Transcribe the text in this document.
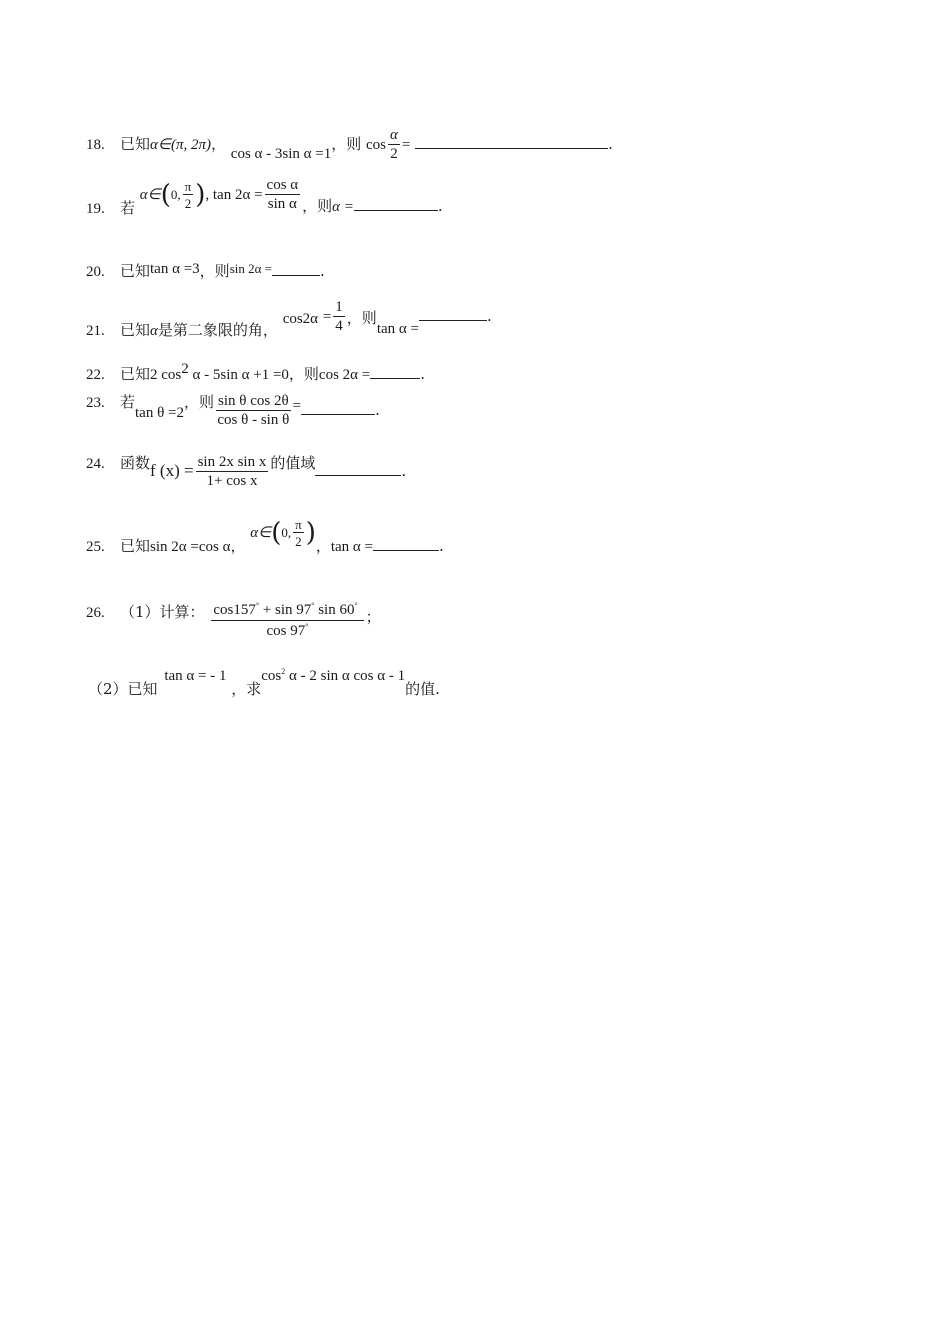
18. 已知α∈(π, 2π)， cos α - 3sin α =1，则 $\cos \frac{\alpha}{2}$ =	.
19. 若 α∈(0, $\frac{\pi}{2}$ ), $\tan 2\alpha = \frac{\text{cos α}}{\text{sin α}}$ ，则α =	.
20. 已知tan α =3，则sin 2α =	.
21. 已知α是第二象限的角， $\cos 2\alpha = \frac{1}{4}$ ，则tan α =.
22. 已知2 $\cos^2 \alpha - 5\sin$ α +1 =0，则cos 2α =	.
23. 若tan θ =2，则 $\frac{\text{sin θ cos 2θ}}{\text{cos θ - sin θ}}$ =	.
24. 函数f $(x) = \frac{\text{sin 2x sin x}}{\text{1+ cos x}}$ 的值域	.
25. 已知sin 2α =cos α， α∈(0, $\frac{\pi}{2}$ )，tan α =	.
26. （1）计算： $\frac{\cos 157^\circ + \sin 97^\circ \sin 60^\circ}{\cos 97^\circ}$ ；
（2）已知 tan α = - 1 ，求$\cos^2 \alpha - 2$ sin α cos α - 1的值.
